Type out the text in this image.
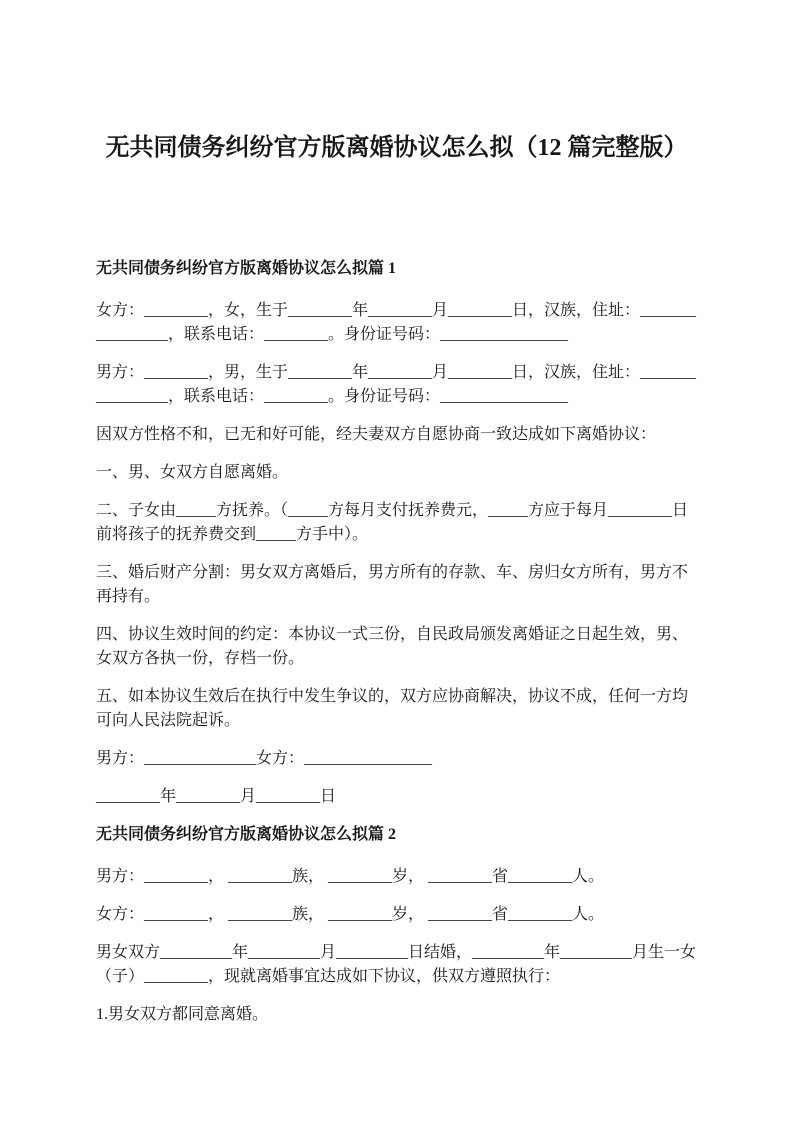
无共同债务纠纷官方版离婚协议怎么拟（12 篇完整版）
无共同债务纠纷官方版离婚协议怎么拟篇 1

女方：________，女，生于________年________月________日，汉族，住址：________________，联系电话：________。身份证号码：________________

男方：________，男，生于________年________月________日，汉族，住址：________________，联系电话：________。身份证号码：________________

因双方性格不和，已无和好可能，经夫妻双方自愿协商一致达成如下离婚协议：

一、男、女双方自愿离婚。

二、子女由_____方抚养。（_____方每月支付抚养费元，_____方应于每月________日前将孩子的抚养费交到_____方手中）。

三、婚后财产分割：男女双方离婚后，男方所有的存款、车、房归女方所有，男方不再持有。

四、协议生效时间的约定：本协议一式三份，自民政局颁发离婚证之日起生效，男、女双方各执一份，存档一份。

五、如本协议生效后在执行中发生争议的，双方应协商解决，协议不成，任何一方均可向人民法院起诉。

男方：______________女方：________________

________年________月________日

无共同债务纠纷官方版离婚协议怎么拟篇 2

男方：________， ________族， ________岁， ________省________人。

女方：________， ________族， ________岁， ________省________人。

男女双方_________年_________月_________日结婚，_________年_________月生一女（子）________，现就离婚事宜达成如下协议，供双方遵照执行：

1.男女双方都同意离婚。
